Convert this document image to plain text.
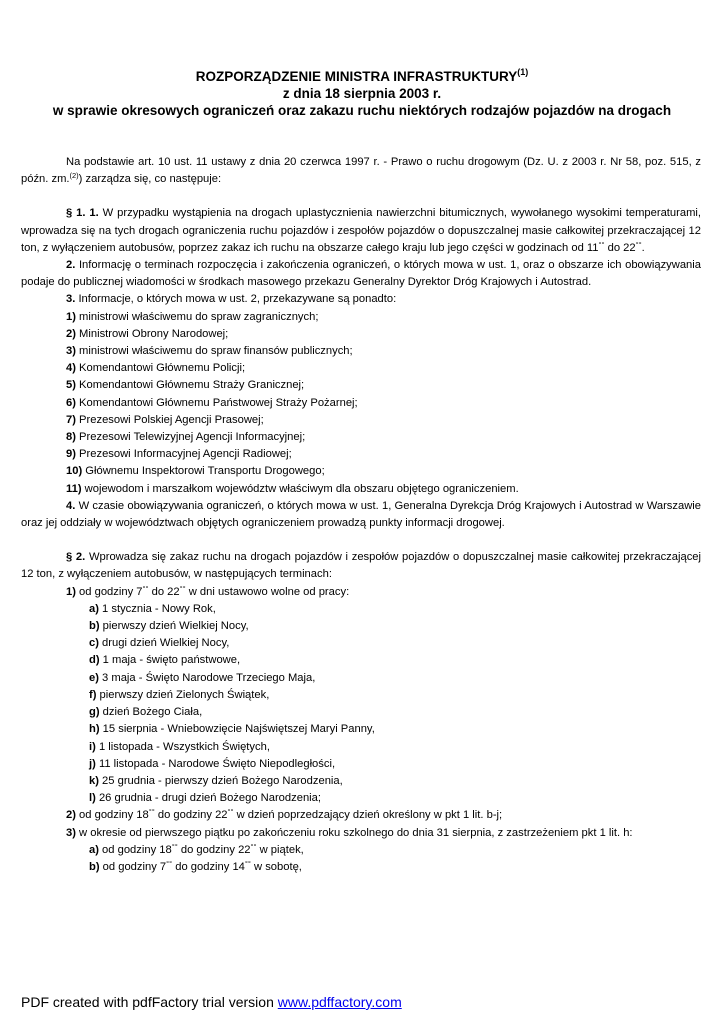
ROZPORZĄDZENIE MINISTRA INFRASTRUKTURY$^{(1)}$
z dnia 18 sierpnia 2003 r.
w sprawie okresowych ograniczeń oraz zakazu ruchu niektórych rodzajów pojazdów na drogach

Na podstawie art. 10 ust. 11 ustawy z dnia 20 czerwca 1997 r. - Prawo o ruchu drogowym (Dz. U. z 2003 r. Nr 58, poz. 515, z późn. zm.$^{(2)}$) zarządza się, co następuje:

§ 1. 1. W przypadku wystąpienia na drogach uplastycznienia nawierzchni bitumicznych, wywołanego wysokimi temperaturami, wprowadza się na tych drogach ograniczenia ruchu pojazdów i zespołów pojazdów o dopuszczalnej masie całkowitej przekraczającej 12 ton, z wyłączeniem autobusów, poprzez zakaz ich ruchu na obszarze całego kraju lub jego części w godzinach od 11°° do 22°°.

2. Informację o terminach rozpoczęcia i zakończenia ograniczeń, o których mowa w ust. 1, oraz o obszarze ich obowiązywania podaje do publicznej wiadomości w środkach masowego przekazu Generalny Dyrektor Dróg Krajowych i Autostrad.

3. Informacje, o których mowa w ust. 2, przekazywane są ponadto:

1) ministrowi właściwemu do spraw zagranicznych;

2) Ministrowi Obrony Narodowej;

3) ministrowi właściwemu do spraw finansów publicznych;

4) Komendantowi Głównemu Policji;

5) Komendantowi Głównemu Straży Granicznej;

6) Komendantowi Głównemu Państwowej Straży Pożarnej;

7) Prezesowi Polskiej Agencji Prasowej;

8) Prezesowi Telewizyjnej Agencji Informacyjnej;

9) Prezesowi Informacyjnej Agencji Radiowej;

10) Głównemu Inspektorowi Transportu Drogowego;

11) wojewodom i marszałkom województw właściwym dla obszaru objętego ograniczeniem.

4. W czasie obowiązywania ograniczeń, o których mowa w ust. 1, Generalna Dyrekcja Dróg Krajowych i Autostrad w Warszawie oraz jej oddziały w województwach objętych ograniczeniem prowadzą punkty informacji drogowej.

§ 2. Wprowadza się zakaz ruchu na drogach pojazdów i zespołów pojazdów o dopuszczalnej masie całkowitej przekraczającej 12 ton, z wyłączeniem autobusów, w następujących terminach:

1) od godziny 7°° do 22°° w dni ustawowo wolne od pracy:

a) 1 stycznia - Nowy Rok,

b) pierwszy dzień Wielkiej Nocy,

c) drugi dzień Wielkiej Nocy,

d) 1 maja - święto państwowe,

e) 3 maja - Święto Narodowe Trzeciego Maja,

f) pierwszy dzień Zielonych Świątek,

g) dzień Bożego Ciała,

h) 15 sierpnia - Wniebowzięcie Najświętszej Maryi Panny,

i) 1 listopada - Wszystkich Świętych,

j) 11 listopada - Narodowe Święto Niepodległości,

k) 25 grudnia - pierwszy dzień Bożego Narodzenia,

l) 26 grudnia - drugi dzień Bożego Narodzenia;

2) od godziny 18°° do godziny 22°° w dzień poprzedzający dzień określony w pkt 1 lit. b-j;

3) w okresie od pierwszego piątku po zakończeniu roku szkolnego do dnia 31 sierpnia, z zastrzeżeniem pkt 1 lit. h:

a) od godziny 18°° do godziny 22°° w piątek,

b) od godziny 7°° do godziny 14°° w sobotę,

PDF created with pdfFactory trial version www.pdffactory.com
